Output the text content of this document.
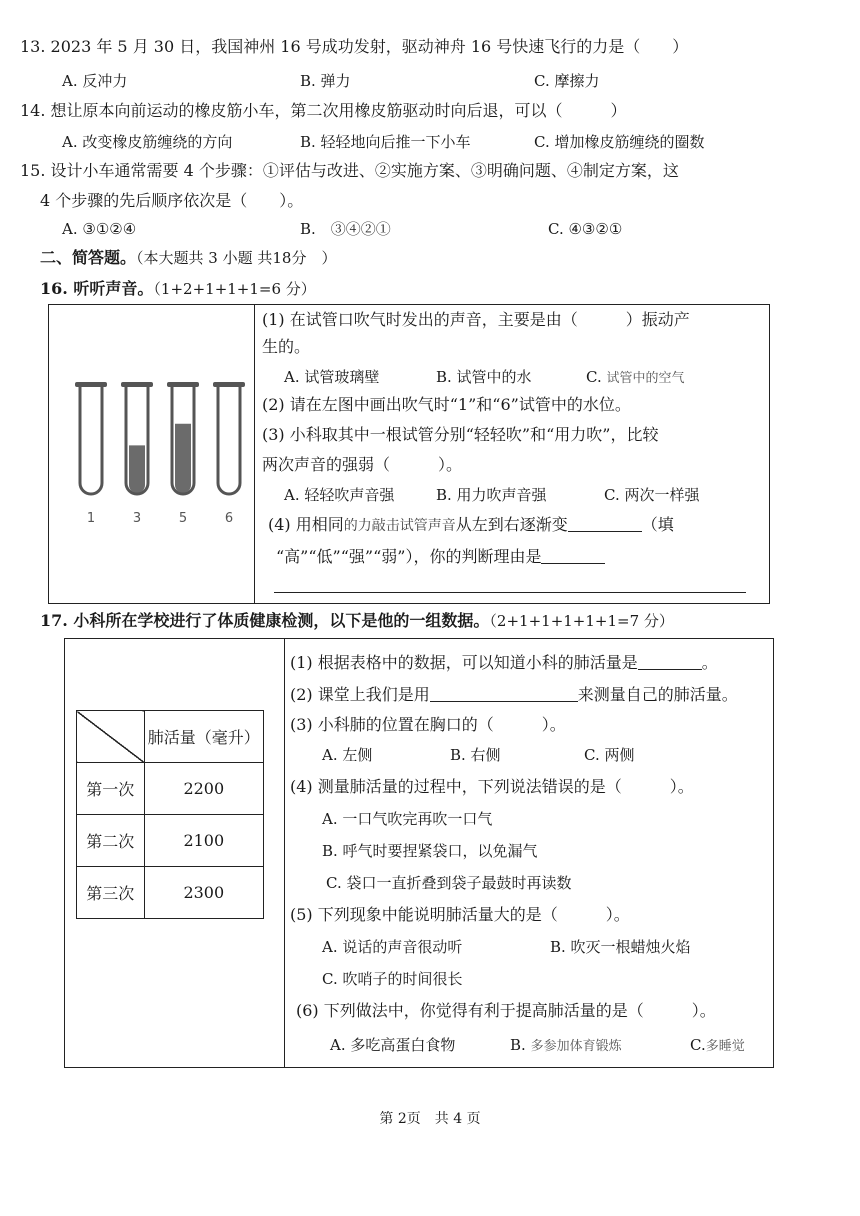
13. 2023 年 5 月 30 日，我国神州 16 号成功发射，驱动神舟 16 号快速飞行的力是（　　）
A. 反冲力	B. 弹力	C. 摩擦力
14. 想让原本向前运动的橡皮筋小车，第二次用橡皮筋驱动时向后退，可以（　　　）
A. 改变橡皮筋缠绕的方向	B. 轻轻地向后推一下小车	C. 增加橡皮筋缠绕的圈数
15. 设计小车通常需要 4 个步骤：①评估与改进、②实施方案、③明确问题、④制定方案，这
4 个步骤的先后顺序依次是（　　）。
A. ③①②④	B.　③④②①	C. ④③②①
二、简答题。（本大题共 3 小题 共18分　）
16. 听听声音。（1+2+1+1+1=6 分）
1	3	5	6
(1) 在试管口吹气时发出的声音，主要是由（　　　）振动产
生的。
A. 试管玻璃壁	B. 试管中的水	C. 试管中的空气
(2) 请在左图中画出吹气时“1”和“6”试管中的水位。
(3) 小科取其中一根试管分别“轻轻吹”和“用力吹”，比较
两次声音的强弱（　　　）。
A. 轻轻吹声音强	B. 用力吹声音强	C. 两次一样强
(4) 用相同的力敲击试管声音从左到右逐渐变	（填
“高”“低”“强”“弱”），你的判断理由是
17. 小科所在学校进行了体质健康检测，以下是他的一组数据。（2+1+1+1+1+1=7 分）
	肺活量（毫升）
第一次	2200
第二次	2100
第三次	2300
(1) 根据表格中的数据，可以知道小科的肺活量是	。
(2) 课堂上我们是用	来测量自己的肺活量。
(3) 小科肺的位置在胸口的（　　　）。
A. 左侧	B. 右侧	C. 两侧
(4) 测量肺活量的过程中，下列说法错误的是（　　　）。
A. 一口气吹完再吹一口气
B. 呼气时要捏紧袋口，以免漏气
C. 袋口一直折叠到袋子最鼓时再读数
(5) 下列现象中能说明肺活量大的是（　　　）。
A. 说话的声音很动听	B. 吹灭一根蜡烛火焰
C. 吹哨子的时间很长
(6) 下列做法中，你觉得有利于提高肺活量的是（　　　）。
A. 多吃高蛋白食物	B. 多参加体育锻炼	C.多睡觉
第 2页　共 4 页
